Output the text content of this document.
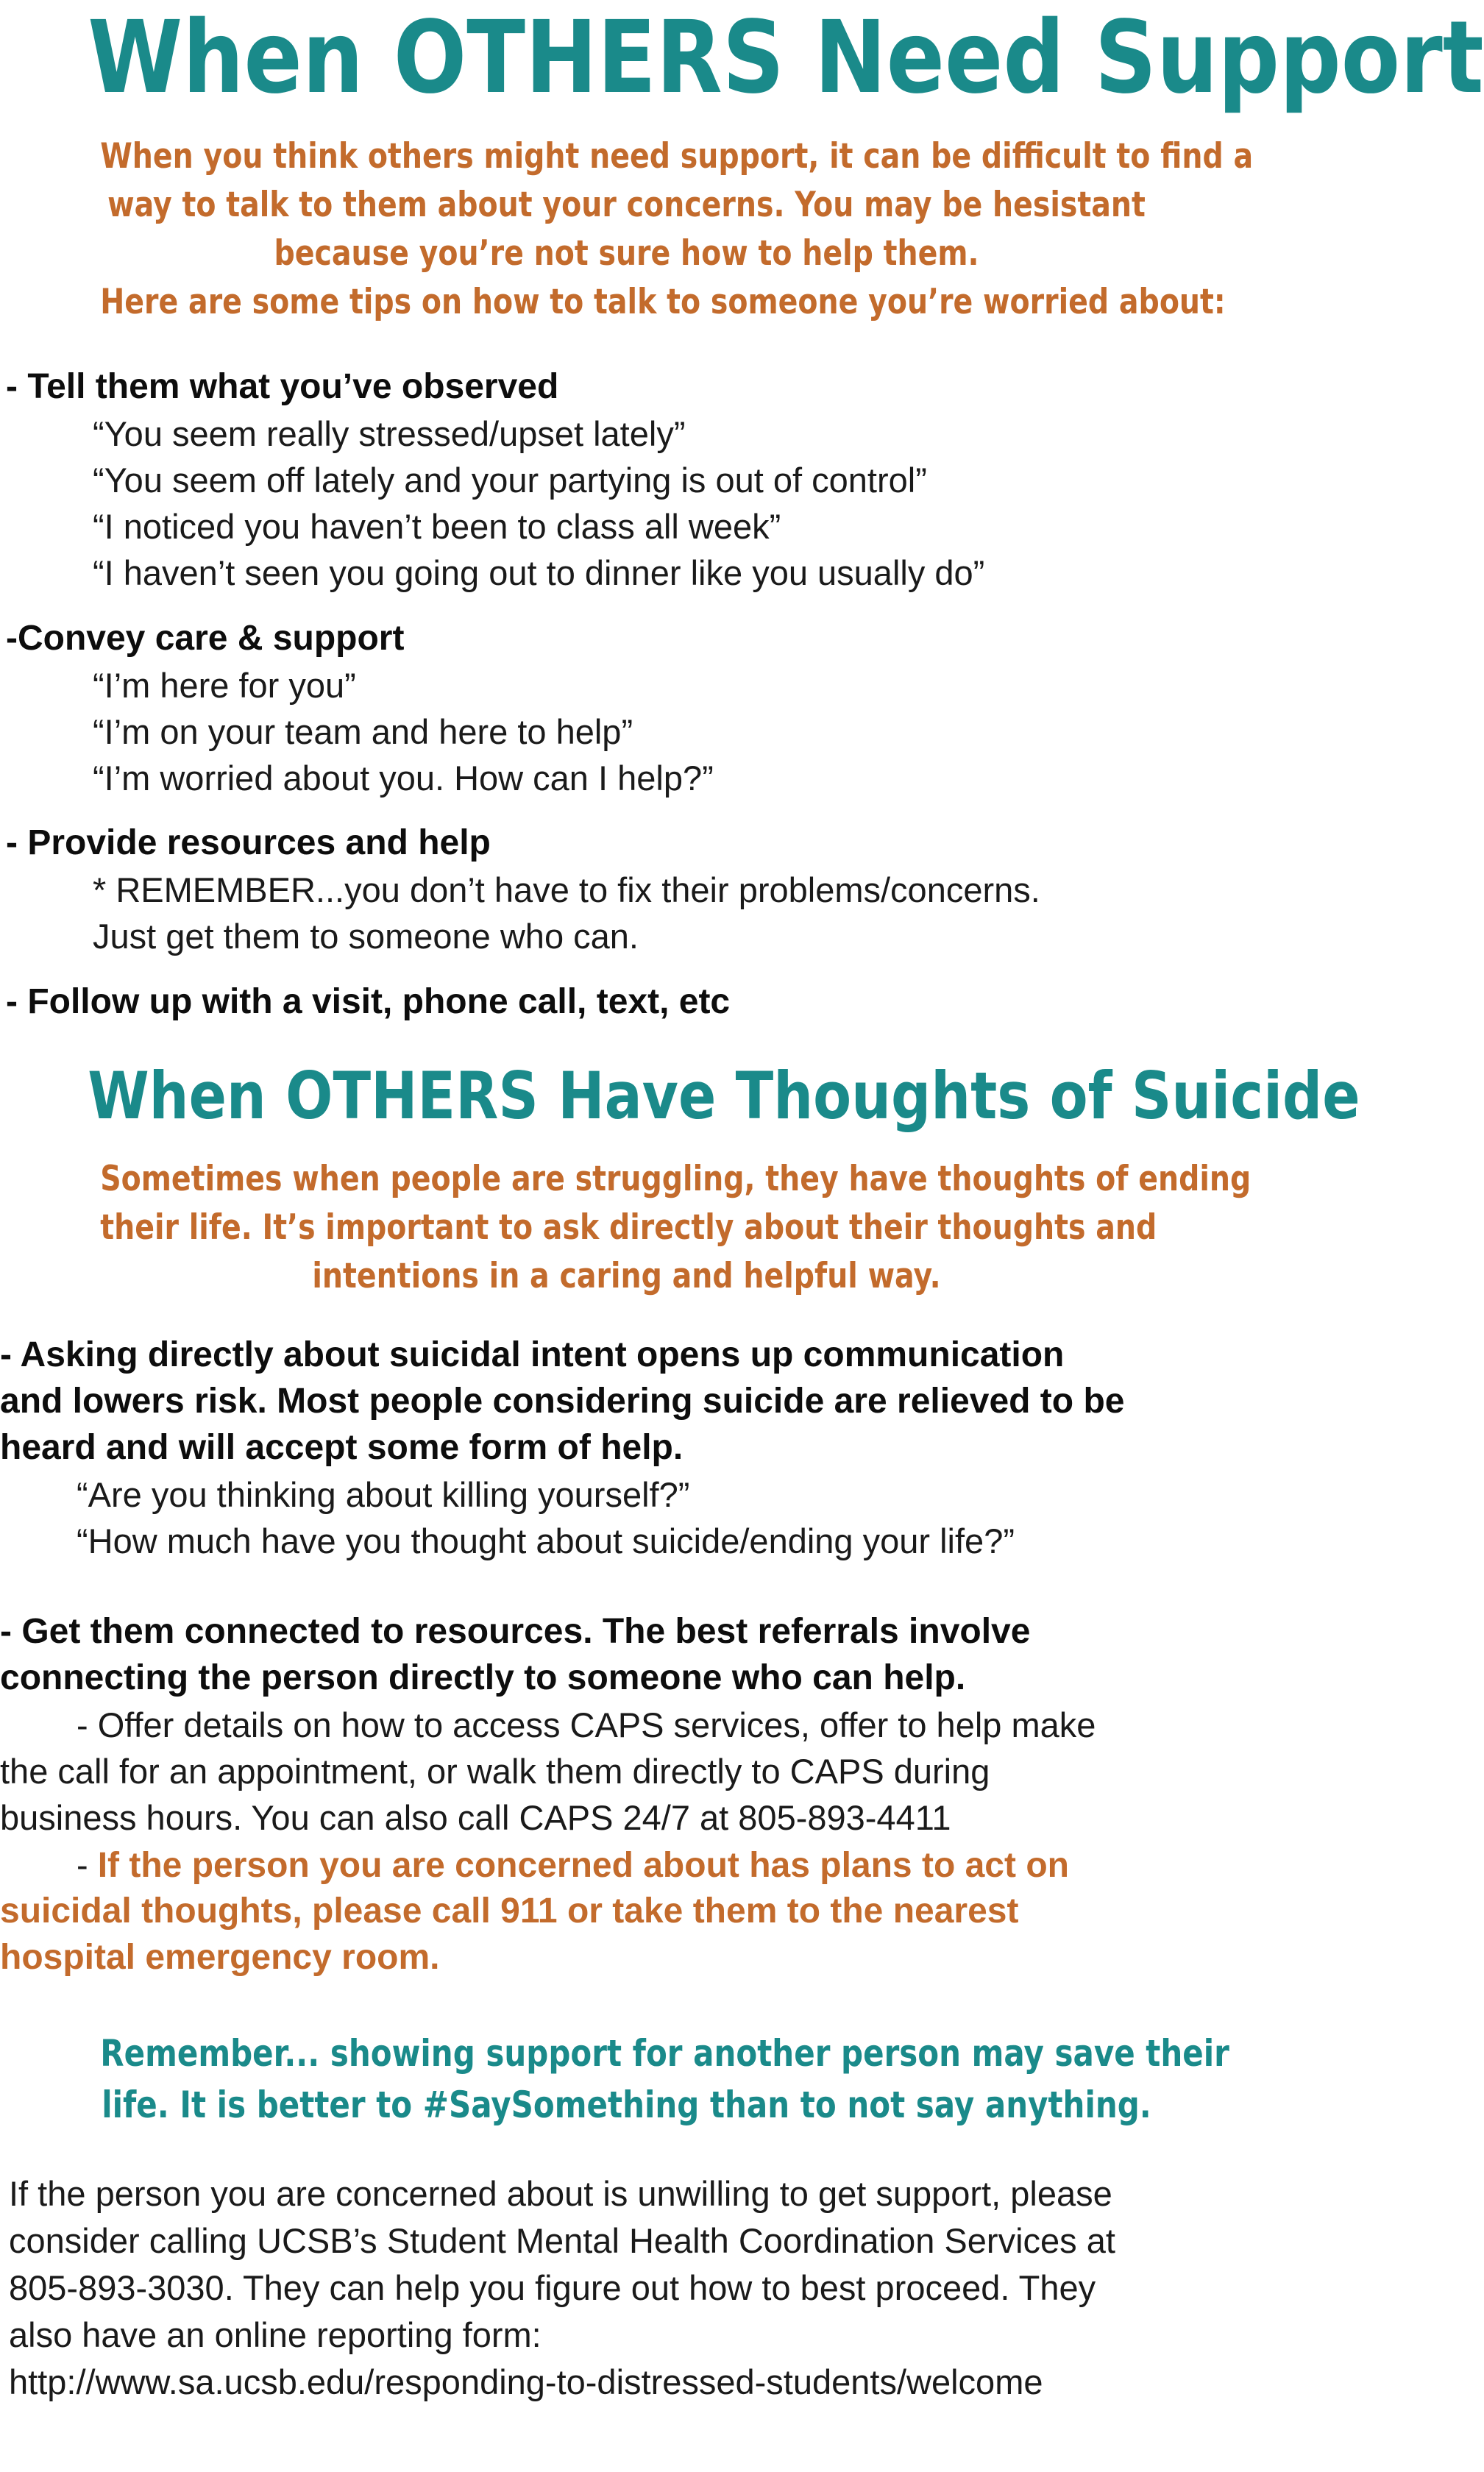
When OTHERS Need Support
When you think others might need support, it can be difficult to find a
way to talk to them about your concerns. You may be hesistant
because you’re not sure how to help them.
Here are some tips on how to talk to someone you’re worried about:
- Tell them what you’ve observed
“You seem really stressed/upset lately”
“You seem off lately and your partying is out of control”
“I noticed you haven’t been to class all week”
“I haven’t seen you going out to dinner like you usually do”
-Convey care & support
“I’m here for you”
“I’m on your team and here to help”
“I’m worried about you. How can I help?”
- Provide resources and help
* REMEMBER...you don’t have to fix their problems/concerns.
Just get them to someone who can.
- Follow up with a visit, phone call, text, etc
When OTHERS Have Thoughts of Suicide
Sometimes when people are struggling, they have thoughts of ending
their life. It’s important to ask directly about their thoughts and
intentions in a caring and helpful way.
- Asking directly about suicidal intent opens up communication
and lowers risk. Most people considering suicide are relieved to be
heard and will accept some form of help.
“Are you thinking about killing yourself?”
“How much have you thought about suicide/ending your life?”
- Get them connected to resources. The best referrals involve
connecting the person directly to someone who can help.
- Offer details on how to access CAPS services, offer to help make
the call for an appointment, or walk them directly to CAPS during
business hours. You can also call CAPS 24/7 at 805-893-4411
- If the person you are concerned about has plans to act on
suicidal thoughts, please call 911 or take them to the nearest
hospital emergency room.
Remember... showing support for another person may save their
life. It is better to #SaySomething than to not say anything.
If the person you are concerned about is unwilling to get support, please
consider calling UCSB’s Student Mental Health Coordination Services at
805-893-3030. They can help you figure out how to best proceed. They
also have an online reporting form:
http://www.sa.ucsb.edu/responding-to-distressed-students/welcome
